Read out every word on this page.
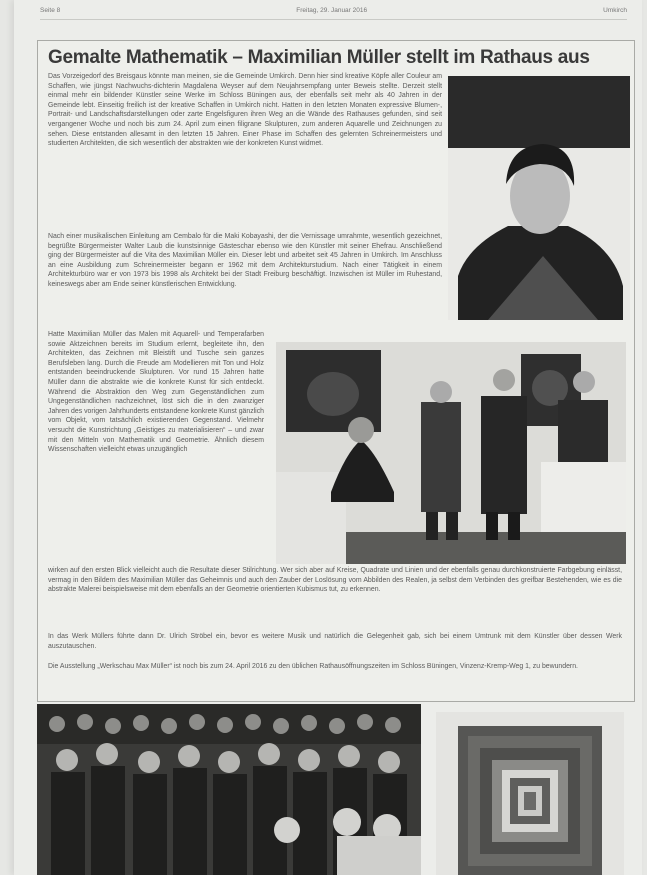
Seite 8	Freitag, 29. Januar 2016	Umkirch
Gemalte Mathematik – Maximilian Müller stellt im Rathaus aus
Das Vorzeigedorf des Breisgaus könnte man meinen, sie die Gemeinde Umkirch. Denn hier sind kreative Köpfe aller Couleur am Schaffen, wie jüngst Nachwuchs-dichterin Magdalena Weyser auf dem Neujahrsempfang unter Beweis stellte. Derzeit stellt einmal mehr ein bildender Künstler seine Werke im Schloss Büningen aus, der ebenfalls seit mehr als 40 Jahren in der Gemeinde lebt. Einseitig freilich ist der kreative Schaffen in Umkirch nicht. Hatten in den letzten Monaten expressive Blumen-, Portrait- und Landschaftsdarstellungen oder zarte Engelsfiguren ihren Weg an die Wände des Rathauses gefunden, sind seit vergangener Woche und noch bis zum 24. April zum einen filigrane Skulpturen, zum anderen Aquarelle und Zeichnungen zu sehen. Diese entstanden allesamt in den letzten 15 Jahren. Einer Phase im Schaffen des gelernten Schreinermeisters und studierten Architekten, die sich wesentlich der abstrakten wie der konkreten Kunst widmet.
Nach einer musikalischen Einleitung am Cembalo für die Maki Kobayashi, der die Vernissage umrahmte, wesentlich gezeichnet, begrüßte Bürgermeister Walter Laub die kunstsinnige Gästeschar ebenso wie den Künstler mit seiner Ehefrau. Anschließend ging der Bürgermeister auf die Vita des Maximilian Müller ein. Dieser lebt und arbeitet seit 45 Jahren in Umkirch. Im Anschluss an eine Ausbildung zum Schreinermeister begann er 1962 mit dem Architekturstudium. Nach einer Tätigkeit in einem Architekturbüro war er von 1973 bis 1998 als Architekt bei der Stadt Freiburg beschäftigt. Inzwischen ist Müller im Ruhestand, keineswegs aber am Ende seiner künstlerischen Entwicklung.
Hatte Maximilian Müller das Malen mit Aquarell- und Temperafarben sowie Aktzeichnen bereits im Studium erlernt, begleitete ihn, den Architekten, das Zeichnen mit Bleistift und Tusche sein ganzes Berufsleben lang. Durch die Freude am Modellieren mit Ton und Holz entstanden beeindruckende Skulpturen. Vor rund 15 Jahren hatte Müller dann die abstrakte wie die konkrete Kunst für sich entdeckt. Während die Abstraktion den Weg zum Gegenständlichen zum Ungegenständlichen nachzeichnet, löst sich die in den zwanziger Jahren des vorigen Jahrhunderts entstandene konkrete Kunst gänzlich vom Objekt, vom tatsächlich existierenden Gegenstand. Vielmehr versucht die Kunstrichtung „Geistiges zu materialisieren“ – und zwar mit den Mitteln von Mathematik und Geometrie. Ähnlich diesem Wissenschaften vielleicht etwas unzugänglich
wirken auf den ersten Blick vielleicht auch die Resultate dieser Stilrichtung. Wer sich aber auf Kreise, Quadrate und Linien und der ebenfalls genau durchkonstruierte Farbgebung einlässt, vermag in den Bildern des Maximilian Müller das Geheimnis und auch den Zauber der Loslösung vom Abbilden des Realen, ja selbst dem Verbinden des greifbar Bestehenden, wie es die abstrakte Malerei beispielsweise mit dem ebenfalls an der Geometrie orientierten Kubismus tut, zu erkennen.
In das Werk Müllers führte dann Dr. Ulrich Ströbel ein, bevor es weitere Musik und natürlich die Gelegenheit gab, sich bei einem Umtrunk mit dem Künstler über dessen Werk auszutauschen.
Die Ausstellung „Werkschau Max Müller“ ist noch bis zum 24. April 2016 zu den üblichen Rathausöffnungszeiten im Schloss Büningen, Vinzenz-Kremp-Weg 1, zu bewundern.
